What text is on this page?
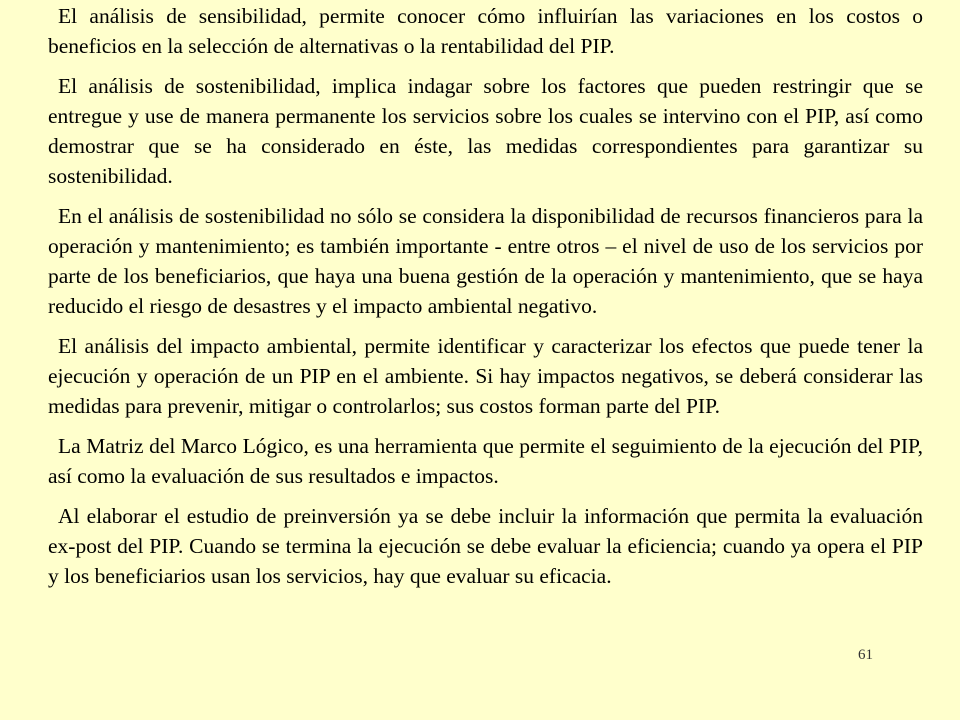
El análisis de sensibilidad, permite conocer cómo influirían las variaciones en los costos o beneficios en la selección de alternativas o la rentabilidad del PIP.

El análisis de sostenibilidad, implica indagar sobre los factores que pueden restringir que se entregue y use de manera permanente los servicios sobre los cuales se intervino con el PIP, así como demostrar que se ha considerado en éste, las medidas correspondientes para garantizar su sostenibilidad.

En el análisis de sostenibilidad no sólo se considera la disponibilidad de recursos financieros para la operación y mantenimiento; es también importante - entre otros – el nivel de uso de los servicios por parte de los beneficiarios, que haya una buena gestión de la operación y mantenimiento, que se haya reducido el riesgo de desastres y el impacto ambiental negativo.

El análisis del impacto ambiental, permite identificar y caracterizar los efectos que puede tener la ejecución y operación de un PIP en el ambiente. Si hay impactos negativos, se deberá considerar las medidas para prevenir, mitigar o controlarlos; sus costos forman parte del PIP.

La Matriz del Marco Lógico, es una herramienta que permite el seguimiento de la ejecución del PIP, así como la evaluación de sus resultados e impactos.

Al elaborar el estudio de preinversión ya se debe incluir la información que permita la evaluación ex-post del PIP. Cuando se termina la ejecución se debe evaluar la eficiencia; cuando ya opera el PIP y los beneficiarios usan los servicios, hay que evaluar su eficacia.

61
